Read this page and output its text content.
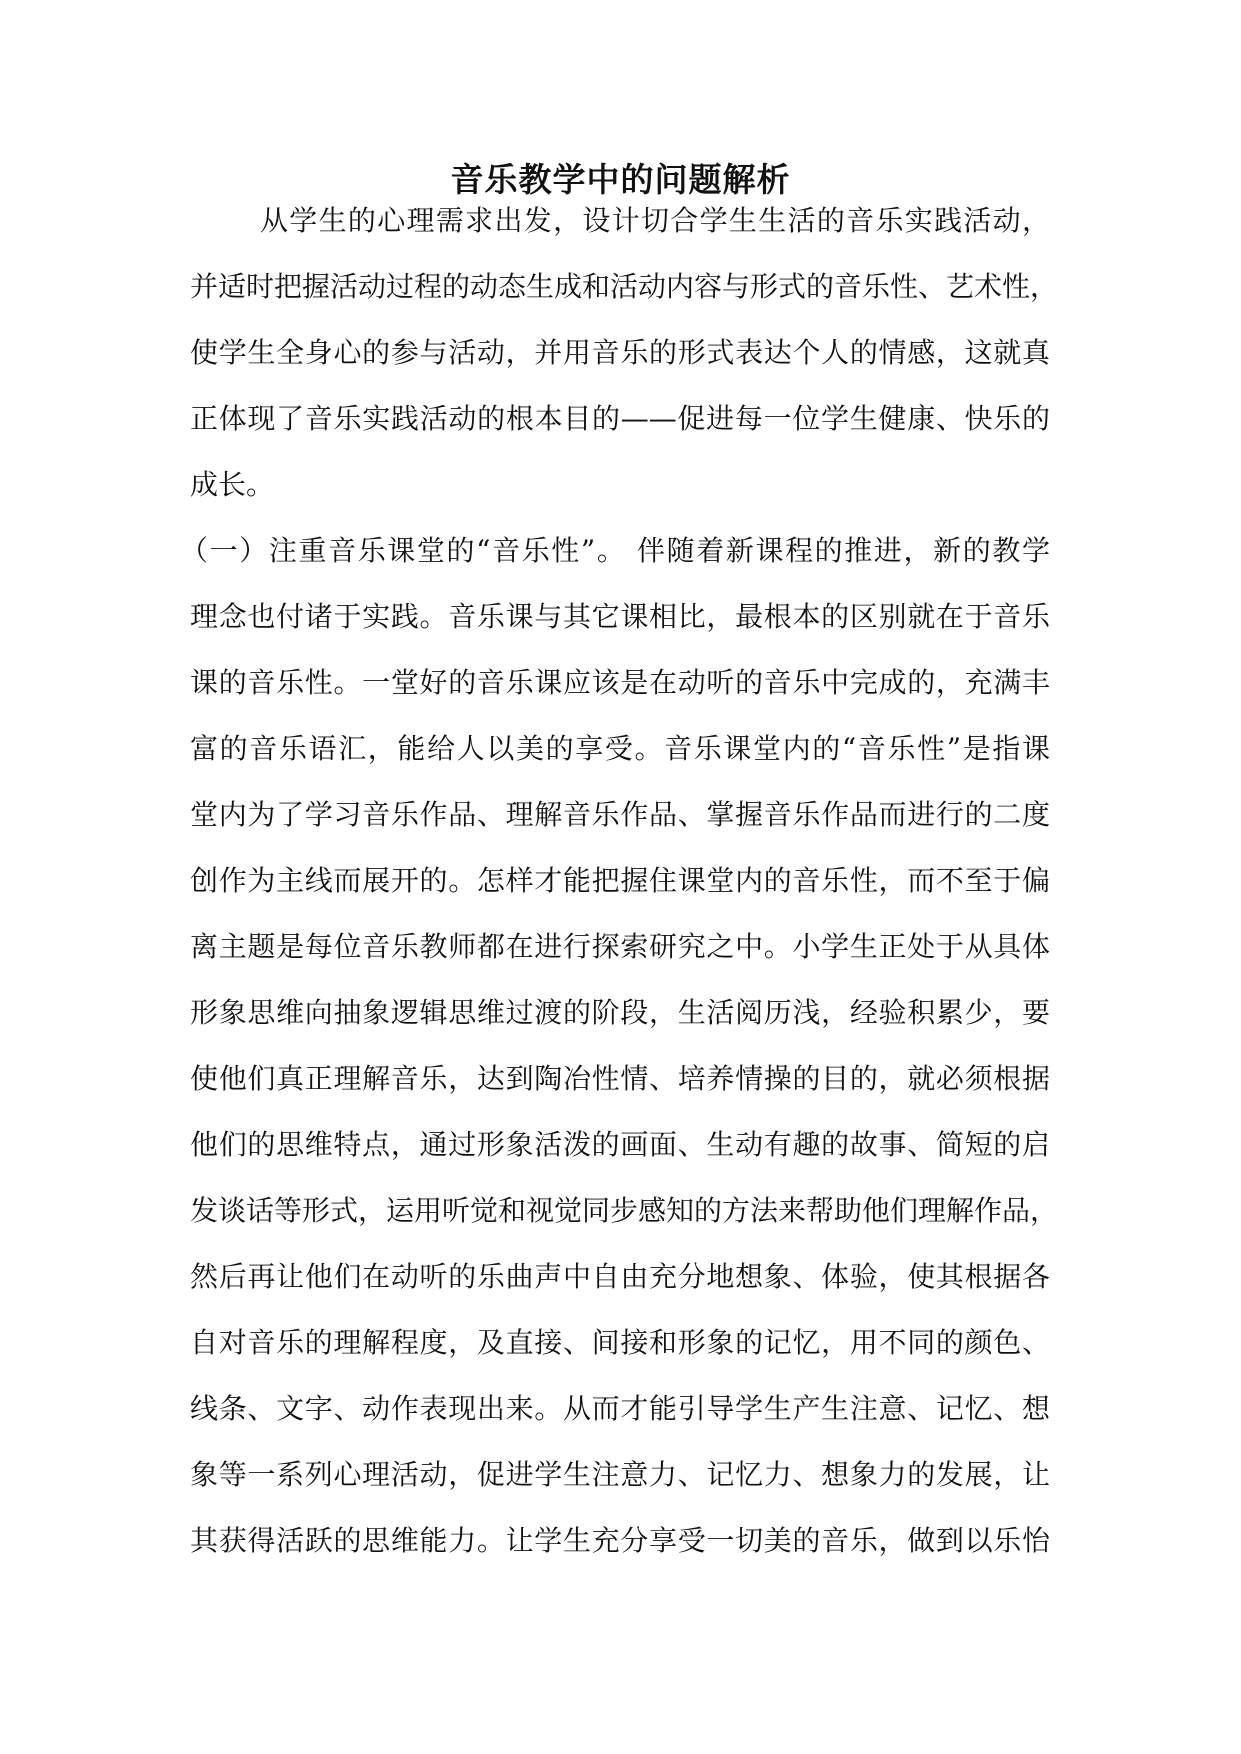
音乐教学中的问题解析
从学生的心理需求出发，设计切合学生生活的音乐实践活动，
并适时把握活动过程的动态生成和活动内容与形式的音乐性、艺术性，
使学生全身心的参与活动，并用音乐的形式表达个人的情感，这就真
正体现了音乐实践活动的根本目的——促进每一位学生健康、快乐的
成长。
（一）注重音乐课堂的“音乐性”。 伴随着新课程的推进，新的教学
理念也付诸于实践。音乐课与其它课相比，最根本的区别就在于音乐
课的音乐性。一堂好的音乐课应该是在动听的音乐中完成的，充满丰
富的音乐语汇，能给人以美的享受。音乐课堂内的“音乐性”是指课
堂内为了学习音乐作品、理解音乐作品、掌握音乐作品而进行的二度
创作为主线而展开的。怎样才能把握住课堂内的音乐性，而不至于偏
离主题是每位音乐教师都在进行探索研究之中。小学生正处于从具体
形象思维向抽象逻辑思维过渡的阶段，生活阅历浅，经验积累少，要
使他们真正理解音乐，达到陶冶性情、培养情操的目的，就必须根据
他们的思维特点，通过形象活泼的画面、生动有趣的故事、简短的启
发谈话等形式，运用听觉和视觉同步感知的方法来帮助他们理解作品，
然后再让他们在动听的乐曲声中自由充分地想象、体验，使其根据各
自对音乐的理解程度，及直接、间接和形象的记忆，用不同的颜色、
线条、文字、动作表现出来。从而才能引导学生产生注意、记忆、想
象等一系列心理活动，促进学生注意力、记忆力、想象力的发展，让
其获得活跃的思维能力。让学生充分享受一切美的音乐，做到以乐怡
